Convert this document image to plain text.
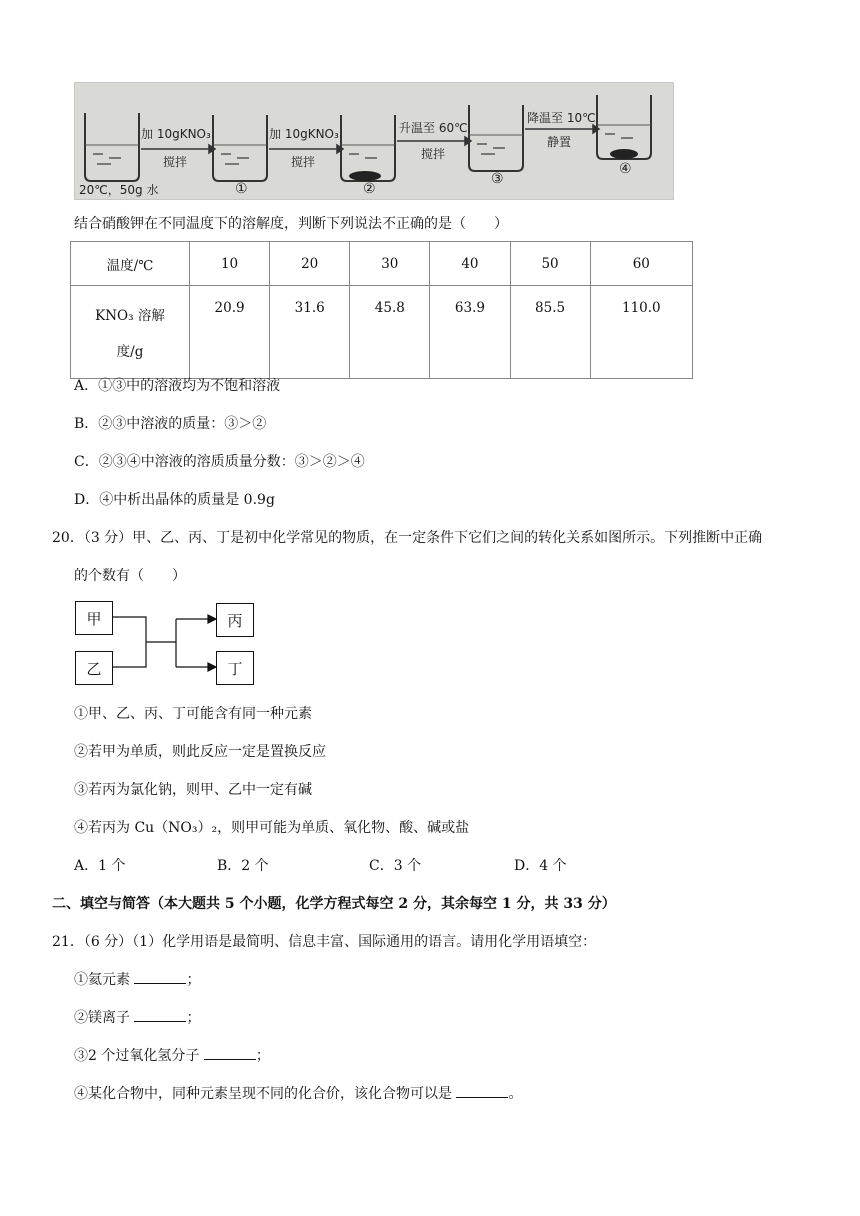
加 10gKNO₃
搅拌
加 10gKNO₃
搅拌
升温至 60℃
搅拌
降温至 10℃
静置
20℃，50g 水	①	②
③
④
结合硝酸钾在不同温度下的溶解度，判断下列说法不正确的是（　　）
温度/℃	10	20	30	40	50	60

KNO₃ 溶解
度/g	20.9	31.6	45.8	63.9	85.5	110.0
A．①③中的溶液均为不饱和溶液
B．②③中溶液的质量：③＞②
C．②③④中溶液的溶质质量分数：③＞②＞④
D．④中析出晶体的质量是 0.9g
20．（3 分）甲、乙、丙、丁是初中化学常见的物质，在一定条件下它们之间的转化关系如图所示。下列推断中正确
的个数有（　　）
甲
乙
丙
丁
①甲、乙、丙、丁可能含有同一种元素
②若甲为单质，则此反应一定是置换反应
③若丙为氯化钠，则甲、乙中一定有碱
④若丙为 Cu（NO₃）₂，则甲可能为单质、氧化物、酸、碱或盐
A．1 个	B．2 个	C．3 个	D．4 个
二、填空与简答（本大题共 5 个小题，化学方程式每空 2 分，其余每空 1 分，共 33 分）
21．（6 分）（1）化学用语是最简明、信息丰富、国际通用的语言。请用化学用语填空：
①氦元素	；
②镁离子	；
③2 个过氧化氢分子	；
④某化合物中，同种元素呈现不同的化合价，该化合物可以是	。
